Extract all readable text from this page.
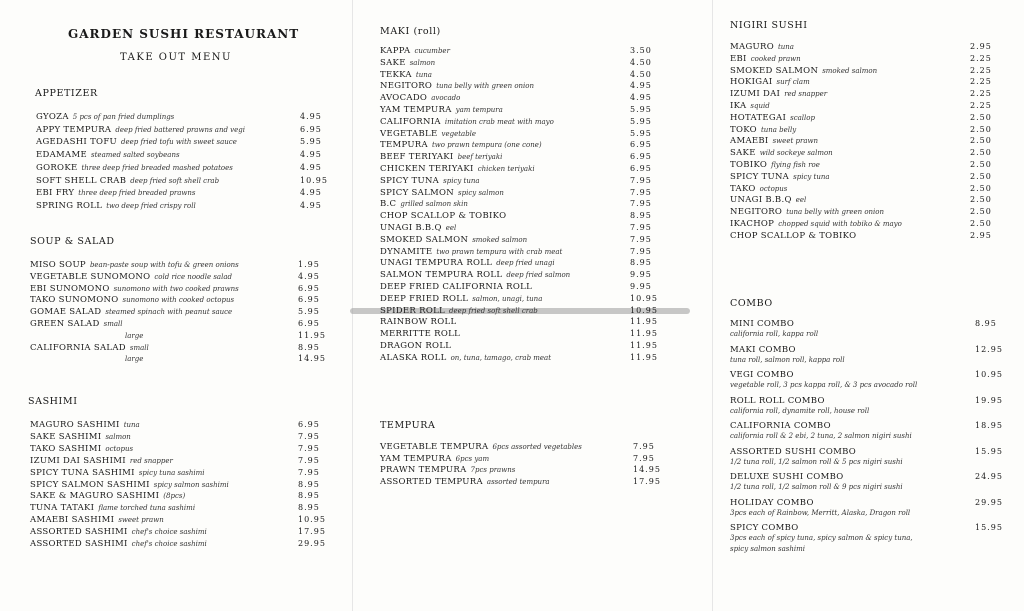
GARDEN SUSHI RESTAURANT
TAKE OUT MENU
APPETIZER
SOUP & SALAD
SASHIMI
MAKI (roll)
TEMPURA
NIGIRI SUSHI
COMBO
GYOZA 5 pcs of pan fried dumplings	4.95
APPY TEMPURA deep fried battered prawns and vegi	6.95
AGEDASHI TOFU deep fried tofu with sweet sauce	5.95
EDAMAME steamed salted soybeans	4.95
GOROKE three deep fried breaded mashed potatoes	4.95
SOFT SHELL CRAB deep fried soft shell crab	10.95
EBI FRY three deep fried breaded prawns	4.95
SPRING ROLL two deep fried crispy roll	4.95
MISO SOUP bean-paste soup with tofu & green onions	1.95
VEGETABLE SUNOMONO cold rice noodle salad	4.95
EBI SUNOMONO sunomono with two cooked prawns	6.95
TAKO SUNOMONO sunomono with cooked octopus	6.95
GOMAE SALAD steamed spinach with peanut sauce	5.95
GREEN SALAD small	6.95
large	11.95
CALIFORNIA SALAD small	8.95
large	14.95
MAGURO SASHIMI tuna	6.95
SAKE SASHIMI salmon	7.95
TAKO SASHIMI octopus	7.95
IZUMI DAI SASHIMI red snapper	7.95
SPICY TUNA SASHIMI spicy tuna sashimi	7.95
SPICY SALMON SASHIMI spicy salmon sashimi	8.95
SAKE & MAGURO SASHIMI (8pcs)	8.95
TUNA TATAKI flame torched tuna sashimi	8.95
AMAEBI SASHIMI sweet prawn	10.95
ASSORTED SASHIMI chef's choice sashimi	17.95
ASSORTED SASHIMI chef's choice sashimi	29.95
KAPPA cucumber	3.50
SAKE salmon	4.50
TEKKA tuna	4.50
NEGITORO tuna belly with green onion	4.95
AVOCADO avocado	4.95
YAM TEMPURA yam tempura	5.95
CALIFORNIA imitation crab meat with mayo	5.95
VEGETABLE vegetable	5.95
TEMPURA two prawn tempura (one cone)	6.95
BEEF TERIYAKI beef teriyaki	6.95
CHICKEN TERIYAKI chicken teriyaki	6.95
SPICY TUNA spicy tuna	7.95
SPICY SALMON spicy salmon	7.95
B.C grilled salmon skin	7.95
CHOP SCALLOP & TOBIKO	8.95
UNAGI B.B.Q eel	7.95
SMOKED SALMON smoked salmon	7.95
DYNAMITE two prawn tempura with crab meat	7.95
UNAGI TEMPURA ROLL deep fried unagi	8.95
SALMON TEMPURA ROLL deep fried salmon	9.95
DEEP FRIED CALIFORNIA ROLL	9.95
DEEP FRIED ROLL salmon, unagi, tuna	10.95
SPIDER ROLL deep fried soft shell crab	10.95
RAINBOW ROLL	11.95
MERRITTE ROLL	11.95
DRAGON ROLL	11.95
ALASKA ROLL on, tuna, tamago, crab meat	11.95
VEGETABLE TEMPURA 6pcs assorted vegetables	7.95
YAM TEMPURA 6pcs yam	7.95
PRAWN TEMPURA 7pcs prawns	14.95
ASSORTED TEMPURA assorted tempura	17.95
MAGURO tuna	2.95
EBI cooked prawn	2.25
SMOKED SALMON smoked salmon	2.25
HOKIGAI surf clam	2.25
IZUMI DAI red snapper	2.25
IKA squid	2.25
HOTATEGAI scallop	2.50
TOKO tuna belly	2.50
AMAEBI sweet prawn	2.50
SAKE wild sockeye salmon	2.50
TOBIKO flying fish roe	2.50
SPICY TUNA spicy tuna	2.50
TAKO octopus	2.50
UNAGI B.B.Q eel	2.50
NEGITORO tuna belly with green onion	2.50
IKACHOP chopped squid with tobiko & mayo	2.50
CHOP SCALLOP & TOBIKO	2.95
MINI COMBO	8.95
california roll, kappa roll
MAKI COMBO	12.95
tuna roll, salmon roll, kappa roll
VEGI COMBO	10.95
vegetable roll, 3 pcs kappa roll, & 3 pcs avocado roll
ROLL ROLL COMBO	19.95
california roll, dynamite roll, house roll
CALIFORNIA COMBO	18.95
california roll & 2 ebi, 2 tuna, 2 salmon nigiri sushi
ASSORTED SUSHI COMBO	15.95
1/2 tuna roll, 1/2 salmon roll & 5 pcs nigiri sushi
DELUXE SUSHI COMBO	24.95
1/2 tuna roll, 1/2 salmon roll & 9 pcs nigiri sushi
HOLIDAY COMBO	29.95
3pcs each of Rainbow, Merritt, Alaska, Dragon roll
SPICY COMBO	15.95
3pcs each of spicy tuna, spicy salmon & spicy tuna,
spicy salmon sashimi
